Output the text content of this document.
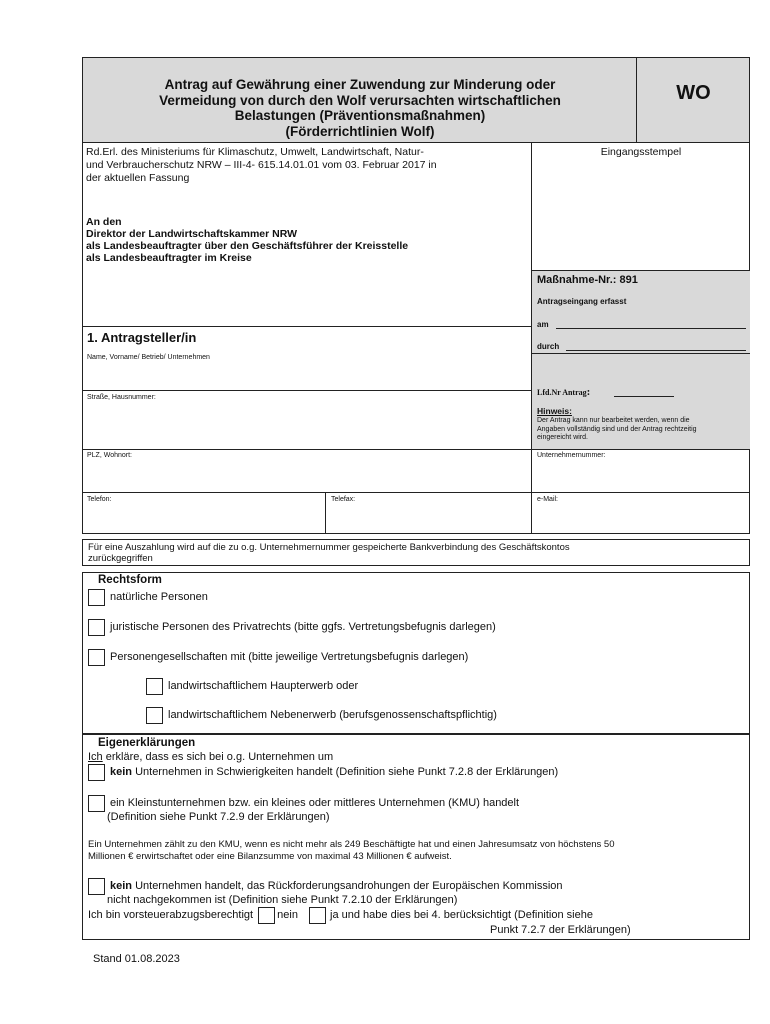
Antrag auf Gewährung einer Zuwendung zur Minderung oder
Vermeidung von durch den Wolf verursachten wirtschaftlichen
Belastungen (Präventionsmaßnahmen)
(Förderrichtlinien Wolf)
WO
Rd.Erl. des Ministeriums für Klimaschutz, Umwelt, Landwirtschaft, Natur-
und Verbraucherschutz NRW – III-4- 615.14.01.01 vom 03. Februar 2017 in
der aktuellen Fassung
An den
Direktor der Landwirtschaftskammer NRW
als Landesbeauftragter über den Geschäftsführer der Kreisstelle
als Landesbeauftragter im Kreise
Eingangsstempel
Maßnahme-Nr.: 891
Antragseingang erfasst
am
durch
Lfd.Nr Antrag:
Hinweis:
Der Antrag kann nur bearbeitet werden, wenn die
Angaben vollständig sind und der Antrag rechtzeitig
eingereicht wird.
1. Antragsteller/in
Name, Vorname/ Betrieb/ Unternehmen
Straße, Hausnummer:
PLZ, Wohnort:	Unternehmernummer:
Telefon:	Telefax:	e-Mail:
Für eine Auszahlung wird auf die zu o.g. Unternehmernummer gespeicherte Bankverbindung des Geschäftskontos
zurückgegriffen
Rechtsform
natürliche Personen
juristische Personen des Privatrechts (bitte ggfs. Vertretungsbefugnis darlegen)
Personengesellschaften mit (bitte jeweilige Vertretungsbefugnis darlegen)
landwirtschaftlichem Haupterwerb oder
landwirtschaftlichem Nebenerwerb (berufsgenossenschaftspflichtig)
Eigenerklärungen
Ich erkläre, dass es sich bei o.g. Unternehmen um
kein Unternehmen in Schwierigkeiten handelt (Definition siehe Punkt 7.2.8 der Erklärungen)
ein Kleinstunternehmen bzw. ein kleines oder mittleres Unternehmen (KMU) handelt
(Definition siehe Punkt 7.2.9 der Erklärungen)
Ein Unternehmen zählt zu den KMU, wenn es nicht mehr als 249 Beschäftigte hat und einen Jahresumsatz von höchstens 50
Millionen € erwirtschaftet oder eine Bilanzsumme von maximal 43 Millionen € aufweist.
kein Unternehmen handelt, das Rückforderungsandrohungen der Europäischen Kommission
nicht nachgekommen ist (Definition siehe Punkt 7.2.10 der Erklärungen)
Ich bin vorsteuerabzugsberechtigt nein	ja und habe dies bei 4. berücksichtigt (Definition siehe
Punkt 7.2.7 der Erklärungen)
Stand 01.08.2023
